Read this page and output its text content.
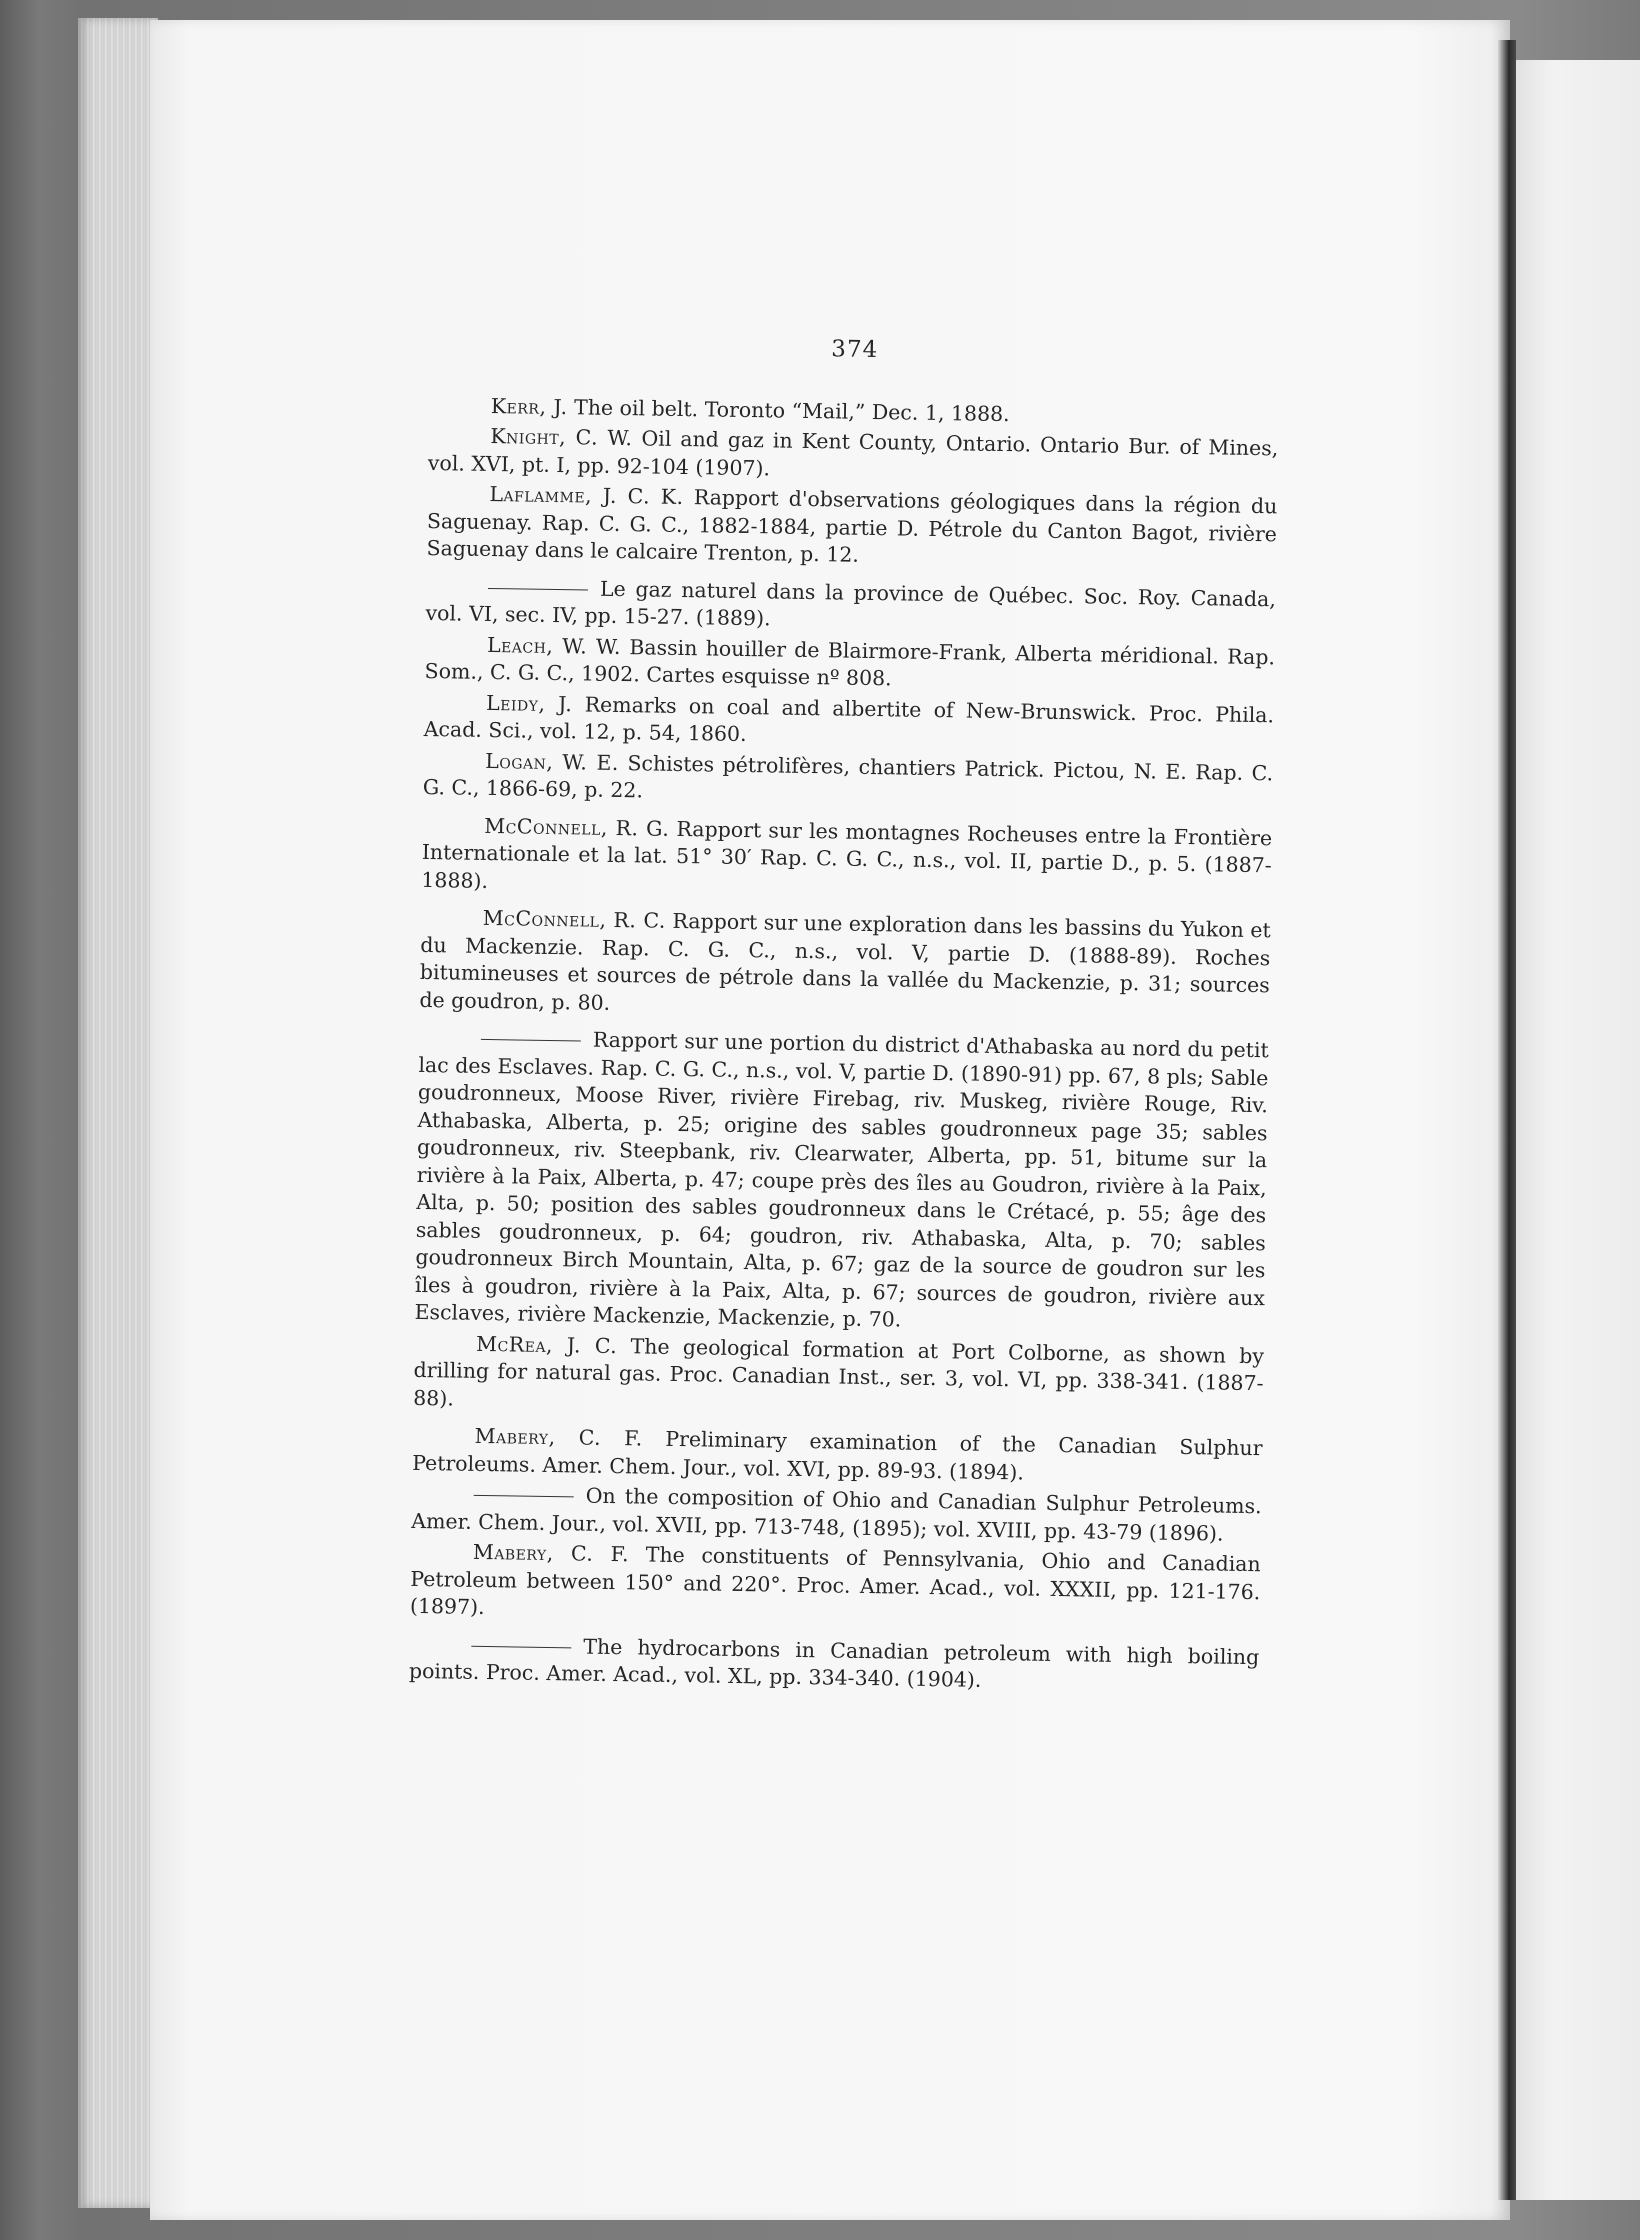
374

Kerr, J. The oil belt. Toronto “Mail,” Dec. 1, 1888.

Knight, C. W. Oil and gaz in Kent County, Ontario. Ontario Bur. of Mines, vol. XVI, pt. I, pp. 92-104 (1907).

Laflamme, J. C. K. Rapport d'observations géologiques dans la région du Saguenay. Rap. C. G. C., 1882-1884, partie D. Pétrole du Canton Bagot, rivière Saguenay dans le calcaire Trenton, p. 12.

Le gaz naturel dans la province de Québec. Soc. Roy. Canada, vol. VI, sec. IV, pp. 15-27. (1889).

Leach, W. W. Bassin houiller de Blairmore-Frank, Alberta méridional. Rap. Som., C. G. C., 1902. Cartes esquisse nº 808.

Leidy, J. Remarks on coal and albertite of New-Brunswick. Proc. Phila. Acad. Sci., vol. 12, p. 54, 1860.

Logan, W. E. Schistes pétrolifères, chantiers Patrick. Pictou, N. E. Rap. C. G. C., 1866-69, p. 22.

McConnell, R. G. Rapport sur les montagnes Rocheuses entre la Frontière Internationale et la lat. 51° 30′ Rap. C. G. C., n.s., vol. II, partie D., p. 5. (1887-1888).

McConnell, R. C. Rapport sur une exploration dans les bassins du Yukon et du Mackenzie. Rap. C. G. C., n.s., vol. V, partie D. (1888-89). Roches bitumineuses et sources de pétrole dans la vallée du Mackenzie, p. 31; sources de goudron, p. 80.

Rapport sur une portion du district d'Athabaska au nord du petit lac des Esclaves. Rap. C. G. C., n.s., vol. V, partie D. (1890-91) pp. 67, 8 pls; Sable goudronneux, Moose River, rivière Firebag, riv. Muskeg, rivière Rouge, Riv. Athabaska, Alberta, p. 25; origine des sables goudronneux page 35; sables goudronneux, riv. Steepbank, riv. Clearwater, Alberta, pp. 51, bitume sur la rivière à la Paix, Alberta, p. 47; coupe près des îles au Goudron, rivière à la Paix, Alta, p. 50; position des sables goudronneux dans le Crétacé, p. 55; âge des sables goudronneux, p. 64; goudron, riv. Athabaska, Alta, p. 70; sables goudronneux Birch Mountain, Alta, p. 67; gaz de la source de goudron sur les îles à goudron, rivière à la Paix, Alta, p. 67; sources de goudron, rivière aux Esclaves, rivière Mackenzie, Mackenzie, p. 70.

McRea, J. C. The geological formation at Port Colborne, as shown by drilling for natural gas. Proc. Canadian Inst., ser. 3, vol. VI, pp. 338-341. (1887-88).

Mabery, C. F. Preliminary examination of the Canadian Sulphur Petroleums. Amer. Chem. Jour., vol. XVI, pp. 89-93. (1894).

On the composition of Ohio and Canadian Sulphur Petroleums. Amer. Chem. Jour., vol. XVII, pp. 713-748, (1895); vol. XVIII, pp. 43-79 (1896).

Mabery, C. F. The constituents of Pennsylvania, Ohio and Canadian Petroleum between 150° and 220°. Proc. Amer. Acad., vol. XXXII, pp. 121-176. (1897).

The hydrocarbons in Canadian petroleum with high boiling points. Proc. Amer. Acad., vol. XL, pp. 334-340. (1904).
